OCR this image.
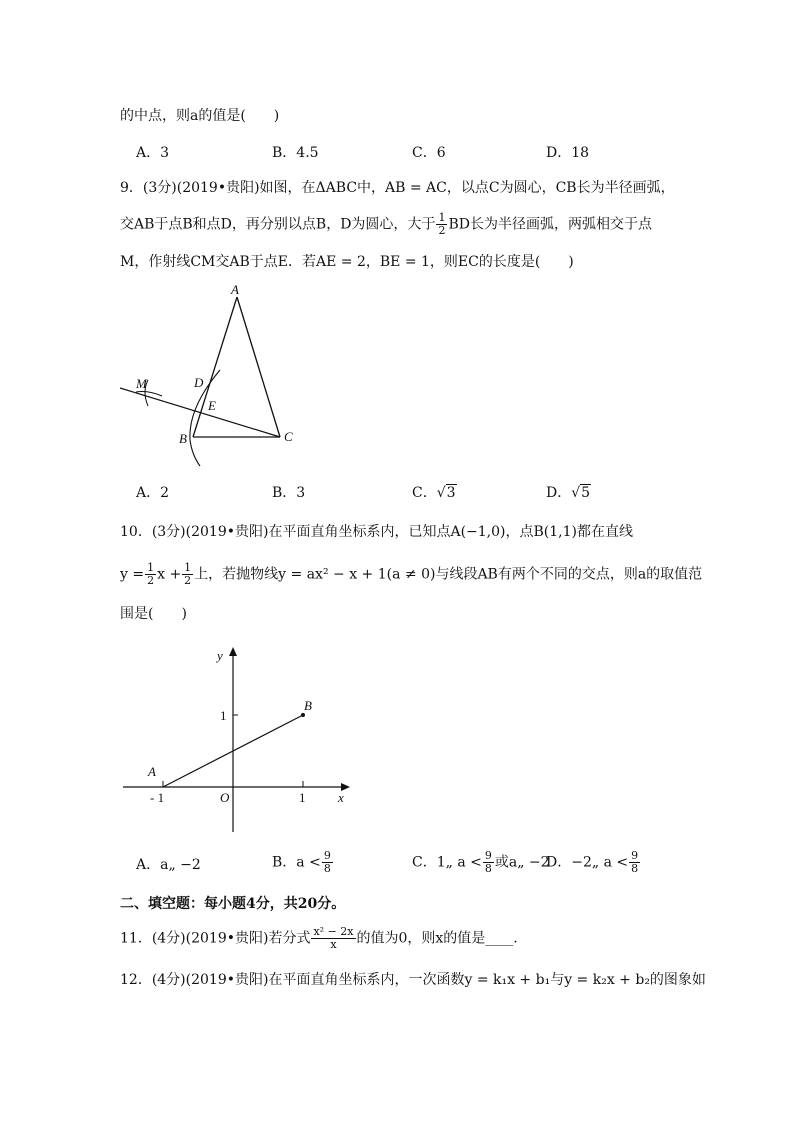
的中点，则a的值是(　　)
A．3	B．4.5	C．6	D．18
9．(3分)(2019•贵阳)如图，在ΔABC中，AB = AC，以点C为圆心，CB长为半径画弧，
交AB于点B和点D，再分别以点B，D为圆心，大于 $\frac{1}{2}$ BD长为半径画弧，两弧相交于点
M，作射线CM交AB于点E．若AE = 2，BE = 1，则EC的长度是(　　)
A
M	D
E
B	C
A．2	B．3	C．√3	D．√5
10．(3分)(2019•贵阳)在平面直角坐标系内，已知点A(−1,0)，点B(1,1)都在直线
$y = \frac{1}{2}$ $x + \frac{1}{2}$ 上，若抛物线y = ax² − x + 1(a ≠ 0)与线段AB有两个不同的交点，则a的取值范
围是(　　)
y
x
1
B
A
- 1	O	1
A．a„ −2	B．$a < \frac{9}{8}$	C．1„ $a < \frac{9}{8}$ 或a„ −2
D．−2„ $a < \frac{9}{8}$
二、填空题：每小题4分，共20分。
11．(4分)(2019•贵阳)若分式 $\frac{\text{x² − 2x}}{x}$ 的值为0，则x的值是____.
12．(4分)(2019•贵阳)在平面直角坐标系内，一次函数y = k₁x + b₁与y = k₂x + b₂的图象如
